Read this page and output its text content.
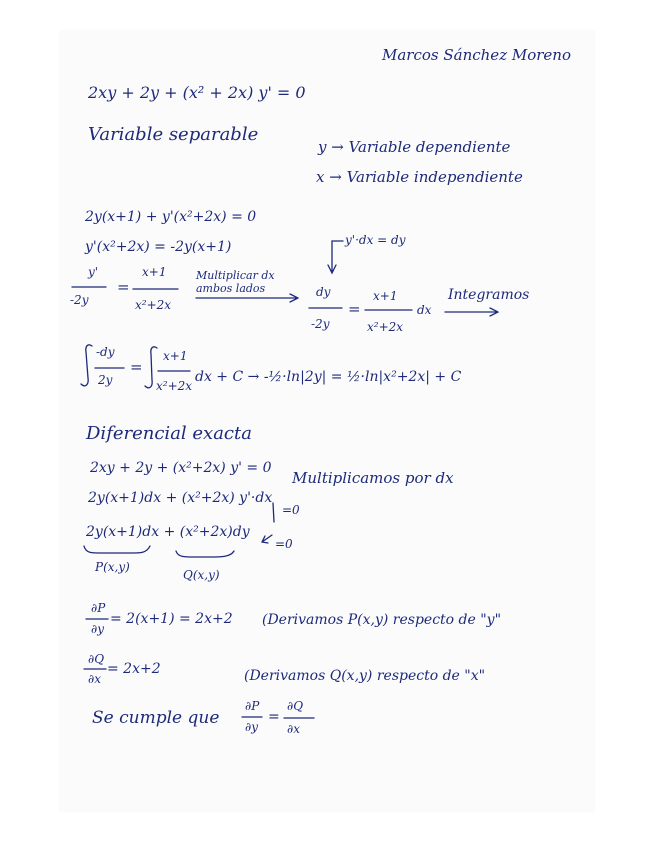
Marcos Sánchez Moreno
2xy + 2y + (x² + 2x) y' = 0
Variable separable
y → Variable dependiente
x → Variable independiente
2y(x+1) + y'(x²+2x) = 0
y'(x²+2x) = -2y(x+1)	y'·dx = dy
y'
-2y
=
x+1
x²+2x
Multiplicar dx
ambos lados	dy
-2y
=
x+1
x²+2x
dx
Integramos
-dy
2y
=
x+1
x²+2x
dx + C → -½·ln|2y| = ½·ln|x²+2x| + C
Diferencial exacta
2xy + 2y + (x²+2x) y' = 0
Multiplicamos por dx
2y(x+1)dx + (x²+2x) y'·dx
=0
2y(x+1)dx + (x²+2x)dy
=0
P(x,y)
Q(x,y)
∂P
∂y
= 2(x+1) = 2x+2 (Derivamos P(x,y) respecto de "y"
∂Q
∂x
= 2x+2	(Derivamos Q(x,y) respecto de "x"
Se cumple que
∂P
∂y
=
∂Q
∂x
